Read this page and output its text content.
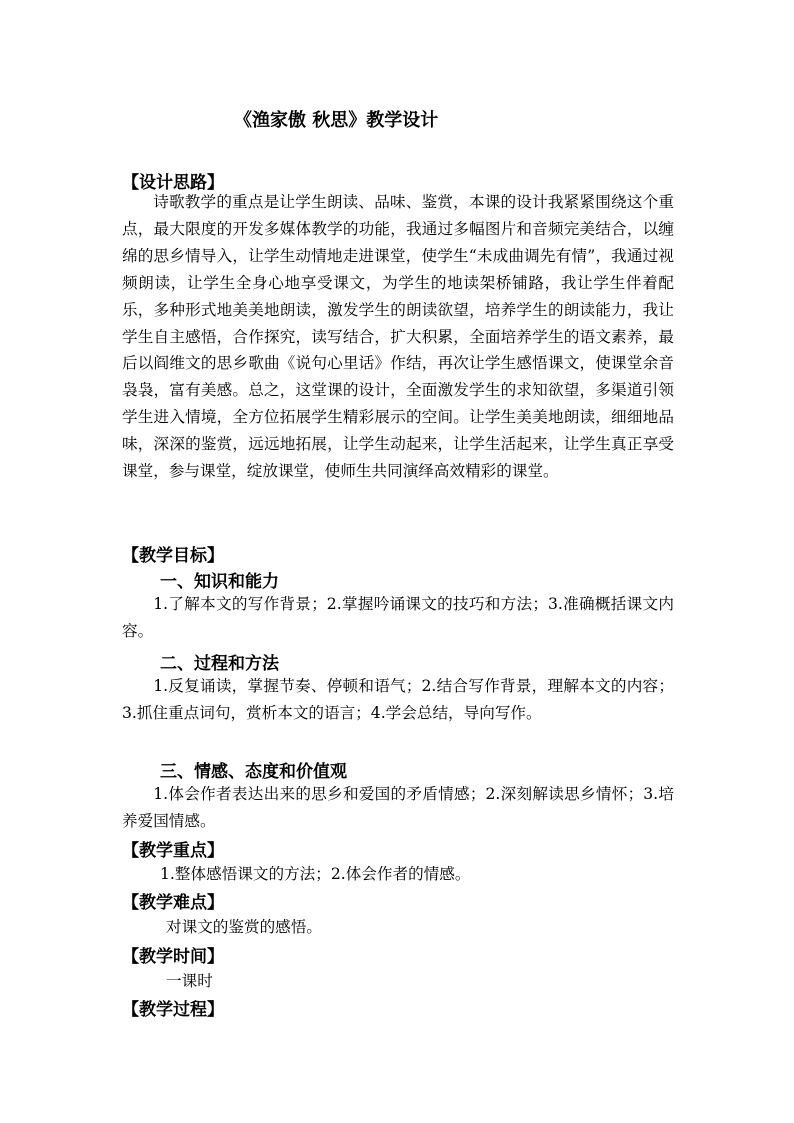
《渔家傲 秋思》教学设计
【设计思路】
诗歌教学的重点是让学生朗读、品味、鉴赏，本课的设计我紧紧围绕这个重点，最大限度的开发多媒体教学的功能，我通过多幅图片和音频完美结合，以缠绵的思乡情导入，让学生动情地走进课堂，使学生“未成曲调先有情”，我通过视频朗读，让学生全身心地享受课文，为学生的地读架桥铺路，我让学生伴着配乐，多种形式地美美地朗读，激发学生的朗读欲望，培养学生的朗读能力，我让学生自主感悟，合作探究，读写结合，扩大积累，全面培养学生的语文素养，最后以阎维文的思乡歌曲《说句心里话》作结，再次让学生感悟课文，使课堂余音袅袅，富有美感。总之，这堂课的设计，全面激发学生的求知欲望，多渠道引领学生进入情境，全方位拓展学生精彩展示的空间。让学生美美地朗读，细细地品味，深深的鉴赏，远远地拓展，让学生动起来，让学生活起来，让学生真正享受课堂，参与课堂，绽放课堂，使师生共同演绎高效精彩的课堂。
【教学目标】
一、知识和能力
1.了解本文的写作背景；2.掌握吟诵课文的技巧和方法；3.准确概括课文内容。
二、过程和方法
1.反复诵读，掌握节奏、停顿和语气；2.结合写作背景，理解本文的内容；3.抓住重点词句，赏析本文的语言；4.学会总结，导向写作。
三、情感、态度和价值观
1.体会作者表达出来的思乡和爱国的矛盾情感；2.深刻解读思乡情怀；3.培养爱国情感。
【教学重点】
1.整体感悟课文的方法；2.体会作者的情感。
【教学难点】
对课文的鉴赏的感悟。
【教学时间】
一课时
【教学过程】
